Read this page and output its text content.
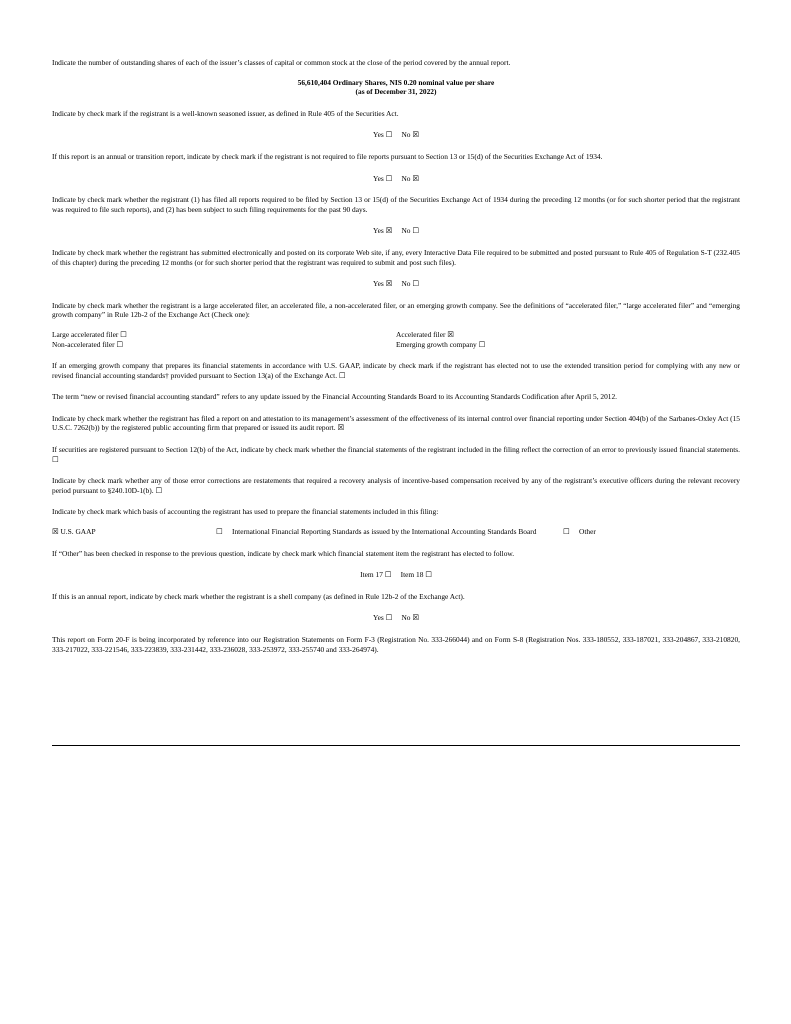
Indicate the number of outstanding shares of each of the issuer’s classes of capital or common stock at the close of the period covered by the annual report.

56,610,404 Ordinary Shares, NIS 0.20 nominal value per share

(as of December 31, 2022)

Indicate by check mark if the registrant is a well-known seasoned issuer, as defined in Rule 405 of the Securities Act.

Yes ☐     No ☒

If this report is an annual or transition report, indicate by check mark if the registrant is not required to file reports pursuant to Section 13 or 15(d) of the Securities Exchange Act of 1934.

Yes ☐     No ☒

Indicate by check mark whether the registrant (1) has filed all reports required to be filed by Section 13 or 15(d) of the Securities Exchange Act of 1934 during the preceding 12 months (or for such shorter period that the registrant was required to file such reports), and (2) has been subject to such filing requirements for the past 90 days.

Yes ☒     No ☐

Indicate by check mark whether the registrant has submitted electronically and posted on its corporate Web site, if any, every Interactive Data File required to be submitted and posted pursuant to Rule 405 of Regulation S-T (232.405 of this chapter) during the preceding 12 months (or for such shorter period that the registrant was required to submit and post such files).

Yes ☒     No ☐

Indicate by check mark whether the registrant is a large accelerated filer, an accelerated file, a non-accelerated filer, or an emerging growth company. See the definitions of “accelerated filer,” “large accelerated filer” and “emerging growth company” in Rule 12b-2 of the Exchange Act (Check one):

Large accelerated filer ☐	Accelerated filer ☒
Non-accelerated filer ☐	Emerging growth company ☐

If an emerging growth company that prepares its financial statements in accordance with U.S. GAAP, indicate by check mark if the registrant has elected not to use the extended transition period for complying with any new or revised financial accounting standards† provided pursuant to Section 13(a) of the Exchange Act. ☐

The term “new or revised financial accounting standard” refers to any update issued by the Financial Accounting Standards Board to its Accounting Standards Codification after April 5, 2012.

Indicate by check mark whether the registrant has filed a report on and attestation to its management’s assessment of the effectiveness of its internal control over financial reporting under Section 404(b) of the Sarbanes-Oxley Act (15 U.S.C. 7262(b)) by the registered public accounting firm that prepared or issued its audit report. ☒

If securities are registered pursuant to Section 12(b) of the Act, indicate by check mark whether the financial statements of the registrant included in the filing reflect the correction of an error to previously issued financial statements. ☐

Indicate by check mark whether any of those error corrections are restatements that required a recovery analysis of incentive-based compensation received by any of the registrant’s executive officers during the relevant recovery period pursuant to §240.10D-1(b). ☐

Indicate by check mark which basis of accounting the registrant has used to prepare the financial statements included in this filing:

☒ U.S. GAAP	☐	International Financial Reporting Standards as issued by the International Accounting Standards Board	☐	Other

If “Other” has been checked in response to the previous question, indicate by check mark which financial statement item the registrant has elected to follow.

Item 17 ☐     Item 18 ☐

If this is an annual report, indicate by check mark whether the registrant is a shell company (as defined in Rule 12b-2 of the Exchange Act).

Yes ☐     No ☒

This report on Form 20-F is being incorporated by reference into our Registration Statements on Form F-3 (Registration No. 333-266044) and on Form S-8 (Registration Nos. 333-180552, 333-187021, 333-204867, 333-210820, 333-217022, 333-221546, 333-223839, 333-231442, 333-236028, 333-253972, 333-255740 and 333-264974).
